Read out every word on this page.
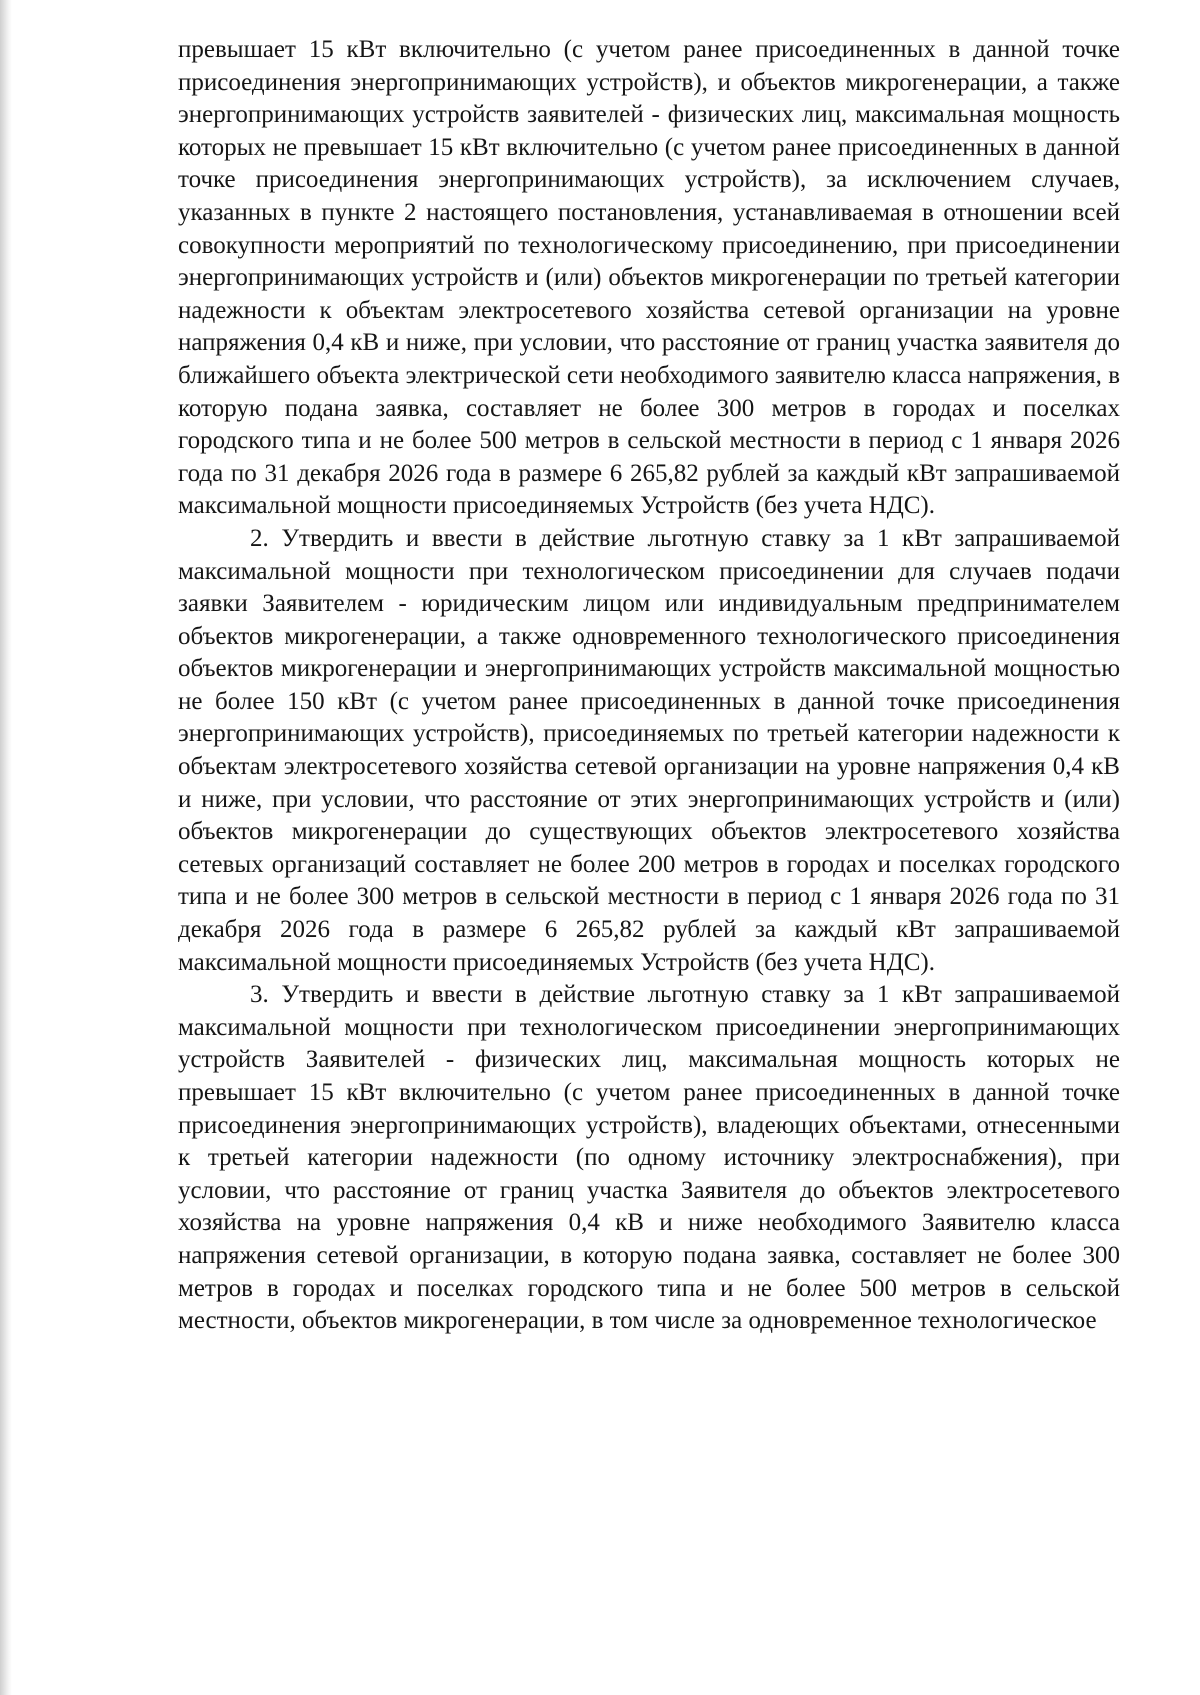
превышает 15 кВт включительно (с учетом ранее присоединенных в данной точке присоединения энергопринимающих устройств), и объектов микрогенерации, а также энергопринимающих устройств заявителей - физических лиц, максимальная мощность которых не превышает 15 кВт включительно (с учетом ранее присоединенных в данной точке присоединения энергопринимающих устройств), за исключением случаев, указанных в пункте 2 настоящего постановления, устанавливаемая в отношении всей совокупности мероприятий по технологическому присоединению, при присоединении энергопринимающих устройств и (или) объектов микрогенерации по третьей категории надежности к объектам электросетевого хозяйства сетевой организации на уровне напряжения 0,4 кВ и ниже, при условии, что расстояние от границ участка заявителя до ближайшего объекта электрической сети необходимого заявителю класса напряжения, в которую подана заявка, составляет не более 300 метров в городах и поселках городского типа и не более 500 метров в сельской местности в период с 1 января 2026 года по 31 декабря 2026 года в размере 6 265,82 рублей за каждый кВт запрашиваемой максимальной мощности присоединяемых Устройств (без учета НДС).

2. Утвердить и ввести в действие льготную ставку за 1 кВт запрашиваемой максимальной мощности при технологическом присоединении для случаев подачи заявки Заявителем - юридическим лицом или индивидуальным предпринимателем объектов микрогенерации, а также одновременного технологического присоединения объектов микрогенерации и энергопринимающих устройств максимальной мощностью не более 150 кВт (с учетом ранее присоединенных в данной точке присоединения энергопринимающих устройств), присоединяемых по третьей категории надежности к объектам электросетевого хозяйства сетевой организации на уровне напряжения 0,4 кВ и ниже, при условии, что расстояние от этих энергопринимающих устройств и (или) объектов микрогенерации до существующих объектов электросетевого хозяйства сетевых организаций составляет не более 200 метров в городах и поселках городского типа и не более 300 метров в сельской местности в период с 1 января 2026 года по 31 декабря 2026 года в размере 6 265,82 рублей за каждый кВт запрашиваемой максимальной мощности присоединяемых Устройств (без учета НДС).

3. Утвердить и ввести в действие льготную ставку за 1 кВт запрашиваемой максимальной мощности при технологическом присоединении энергопринимающих устройств Заявителей - физических лиц, максимальная мощность которых не превышает 15 кВт включительно (с учетом ранее присоединенных в данной точке присоединения энергопринимающих устройств), владеющих объектами, отнесенными к третьей категории надежности (по одному источнику электроснабжения), при условии, что расстояние от границ участка Заявителя до объектов электросетевого хозяйства на уровне напряжения 0,4 кВ и ниже необходимого Заявителю класса напряжения сетевой организации, в которую подана заявка, составляет не более 300 метров в городах и поселках городского типа и не более 500 метров в сельской местности, объектов микрогенерации, в том числе за одновременное технологическое
